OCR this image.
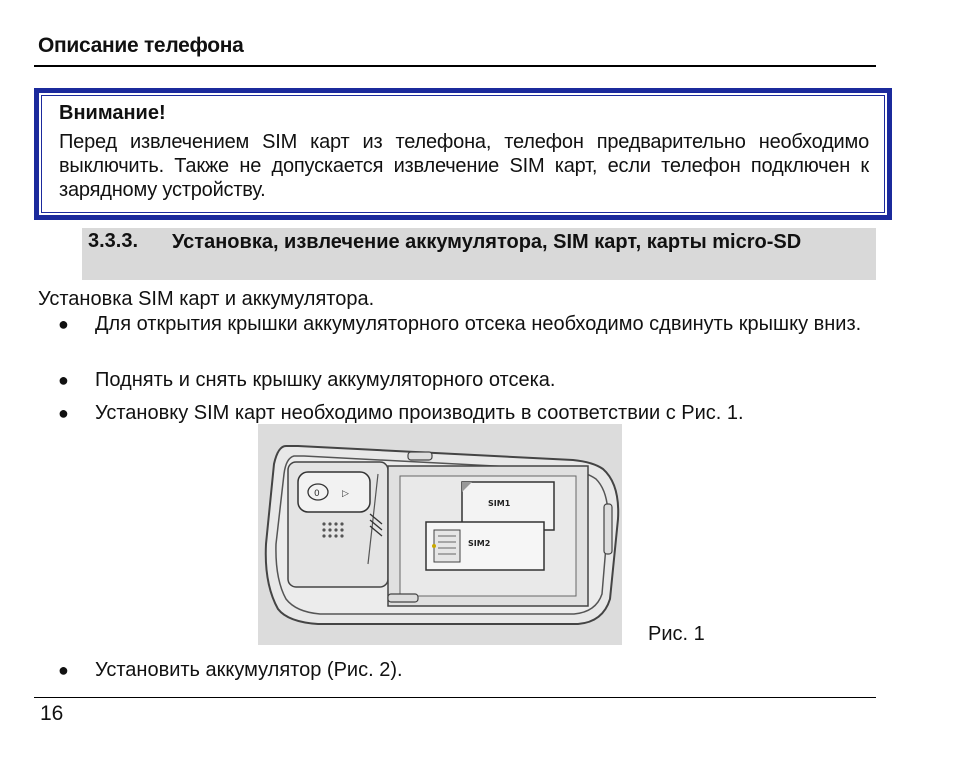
Описание телефона
Внимание!
Перед извлечением SIM карт из телефона, телефон предварительно необходимо выключить. Также не допускается извлечение SIM карт, если телефон подключен к зарядному устройству.
3.3.3. Установка, извлечение аккумулятора, SIM карт, карты micro-SD
Установка SIM карт и аккумулятора.
●	Для открытия крышки аккумуляторного отсека необходимо сдвинуть крышку вниз.
●	Поднять и снять крышку аккумуляторного отсека.
●	Установку SIM карт необходимо производить в соответствии с Рис. 1.
0 ▷
SIM1
SIM2
Рис. 1
●	Установить аккумулятор (Рис. 2).
16
